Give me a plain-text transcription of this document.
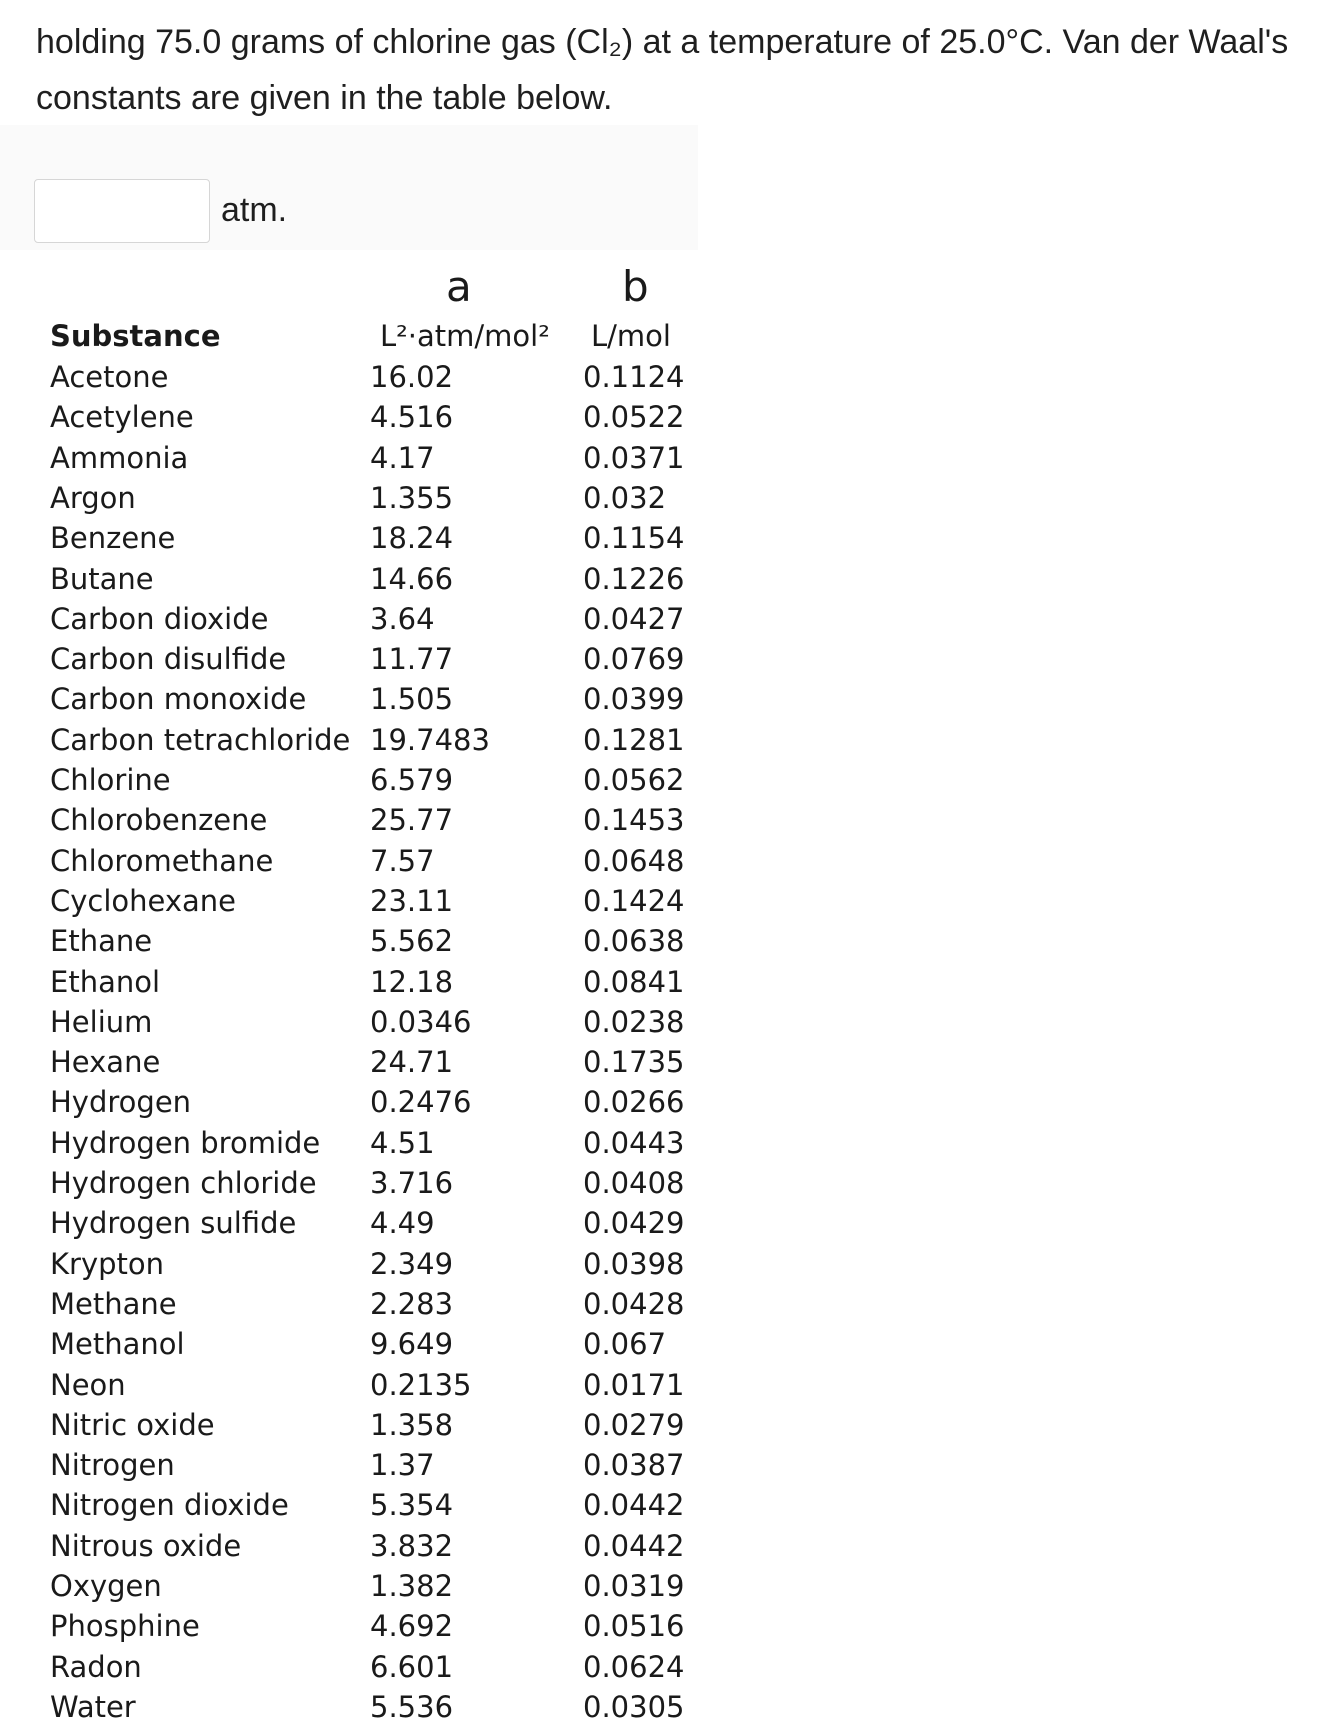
holding 75.0 grams of chlorine gas (Cl₂) at a temperature of 25.0°C. Van der Waal's
constants are given in the table below.
atm.
a	b
Substance	L²·atm/mol² L/mol
Acetone	16.02	0.1124
Acetylene	4.516	0.0522
Ammonia	4.17	0.0371
Argon	1.355	0.032
Benzene	18.24	0.1154
Butane	14.66	0.1226
Carbon dioxide	3.64	0.0427
Carbon disulfide	11.77	0.0769
Carbon monoxide 1.505	0.0399
Carbon tetrachloride 19.7483	0.1281
Chlorine	6.579	0.0562
Chlorobenzene	25.77	0.1453
Chloromethane	7.57	0.0648
Cyclohexane	23.11	0.1424
Ethane	5.562	0.0638
Ethanol	12.18	0.0841
Helium	0.0346	0.0238
Hexane	24.71	0.1735
Hydrogen	0.2476	0.0266
Hydrogen bromide 4.51	0.0443
Hydrogen chloride 3.716	0.0408
Hydrogen sulfide	4.49	0.0429
Krypton	2.349	0.0398
Methane	2.283	0.0428
Methanol	9.649	0.067
Neon	0.2135	0.0171
Nitric oxide	1.358	0.0279
Nitrogen	1.37	0.0387
Nitrogen dioxide	5.354	0.0442
Nitrous oxide	3.832	0.0442
Oxygen	1.382	0.0319
Phosphine	4.692	0.0516
Radon	6.601	0.0624
Water	5.536	0.0305
